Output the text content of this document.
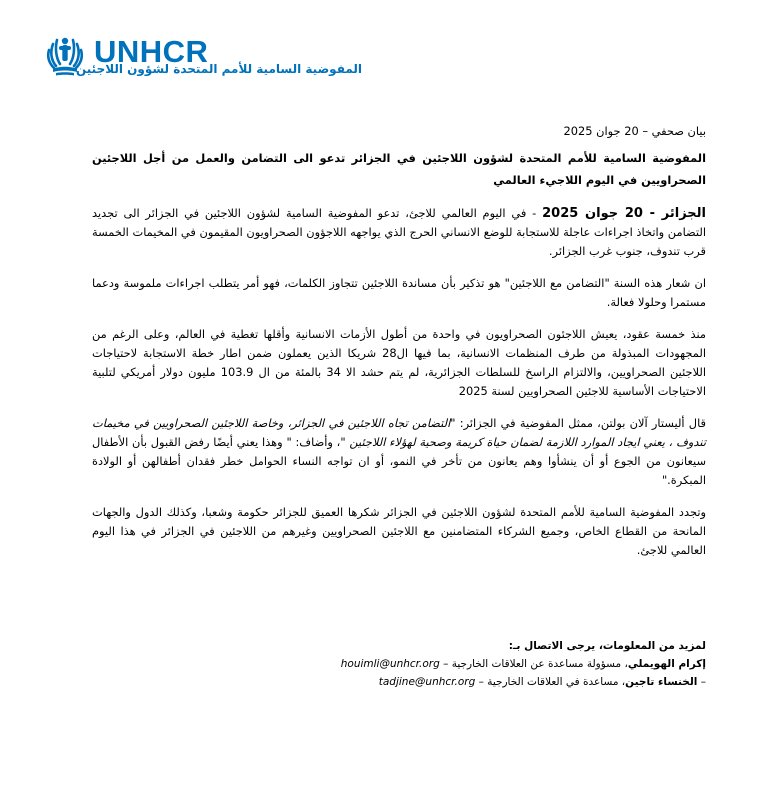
UNHCR
المفوضية السامية للأمم المتحدة لشؤون اللاجئين

بيان صحفي – 20 جوان 2025

المفوضية السامية للأمم المتحدة لشؤون اللاجئين في الجزائر تدعو الى التضامن والعمل من أجل اللاجئين الصحراويين في اليوم اللاجيء العالمي

الجزائر - 20 جوان 2025 - في اليوم العالمي للاجئ، تدعو المفوضية السامية لشؤون اللاجئين في الجزائر الى تجديد التضامن واتخاذ اجراءات عاجلة للاستجابة للوضع الانساني الحرج الذي يواجهه اللاجؤون الصحراويون المقيمون في المخيمات الخمسة قرب تندوف، جنوب غرب الجزائر.

ان شعار هذه السنة "التضامن مع اللاجئين" هو تذكير بأن مساندة اللاجئين تتجاوز الكلمات، فهو أمر يتطلب اجراءات ملموسة ودعما مستمرا وحلولا فعالة.

منذ خمسة عقود، يعيش اللاجئون الصحراويون في واحدة من أطول الأزمات الانسانية وأقلها تغطية في العالم، وعلى الرغم من المجهودات المبذولة من طرف المنظمات الانسانية، بما فيها ال28 شريكا الذين يعملون ضمن اطار خطة الاستجابة لاحتياجات اللاجئين الصحراويين، والالتزام الراسخ للسلطات الجزائرية، لم يتم حشد الا 34 بالمئة من ال 103.9 مليون دولار أمريكي لتلبية الاحتياجات الأساسية للاجئين الصحراويين لسنة 2025

قال أليستار آلان بولتن، ممثل المفوضية في الجزائر: "التضامن تجاه اللاجئين في الجزائر، وخاصة اللاجئين الصحراويين في مخيمات تندوف ، يعني ايجاد الموارد اللازمة لضمان حياة كريمة وصحية لهؤلاء اللاجئين "، وأضاف: " وهذا يعني أيضًا رفض القبول بأن الأطفال سيعانون من الجوع أو أن ينشأوا وهم يعانون من تأخر في النمو، أو ان تواجه النساء الحوامل خطر فقدان أطفالهن أو الولادة المبكرة."

وتجدد المفوضية السامية للأمم المتحدة لشؤون اللاجئين في الجزائر شكرها العميق للجزائر حكومة وشعبا، وكذلك الدول والجهات المانحة من القطاع الخاص، وجميع الشركاء المتضامنين مع اللاجئين الصحراويين وغيرهم من اللاجئين في الجزائر في هذا اليوم العالمي للاجئ.

لمزيد من المعلومات، يرجى الاتصال بـ:
إكرام الهويملي، مسؤولة مساعدة عن العلاقات الخارجية – houimli@unhcr.org
– الخنساء تاجين، مساعدة في العلاقات الخارجية – tadjine@unhcr.org
